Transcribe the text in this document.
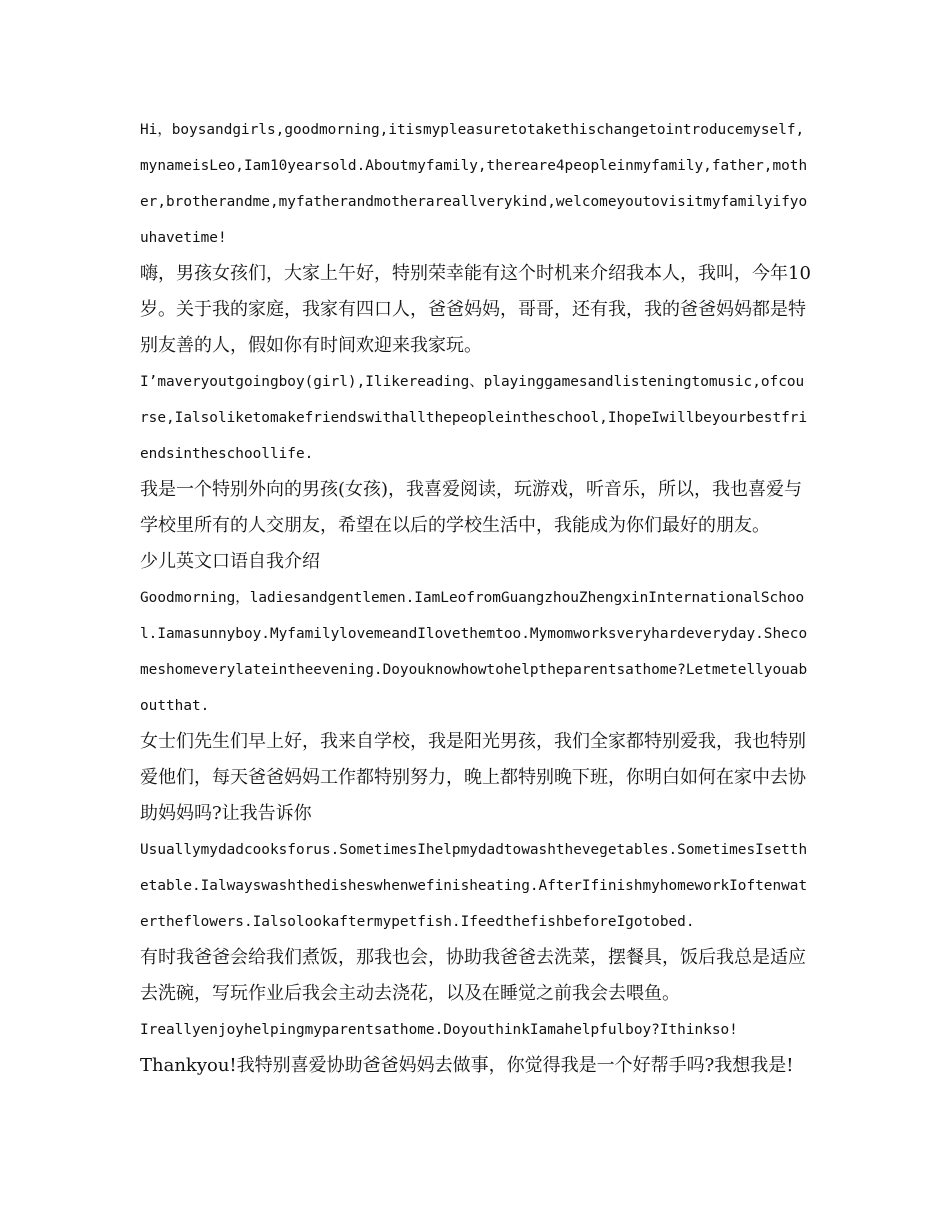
Hi，boysandgirls,goodmorning,itismypleasuretotakethischangetointroducemyself,mynameisLeo,Iam10yearsold.Aboutmyfamily,thereare4peopleinmyfamily,father,mother,brotherandme,myfatherandmotherareallverykind,welcomeyoutovisitmyfamilyifyouhavetime!

嗨，男孩女孩们，大家上午好，特别荣幸能有这个时机来介绍我本人，我叫，今年10岁。关于我的家庭，我家有四口人，爸爸妈妈，哥哥，还有我，我的爸爸妈妈都是特别友善的人，假如你有时间欢迎来我家玩。

I’maveryoutgoingboy(girl),Ilikereading、playinggamesandlisteningtomusic,ofcourse,Ialsoliketomakefriendswithallthepeopleintheschool,IhopeIwillbeyourbestfriendsintheschoollife.

我是一个特别外向的男孩(女孩)，我喜爱阅读，玩游戏，听音乐，所以，我也喜爱与学校里所有的人交朋友，希望在以后的学校生活中，我能成为你们最好的朋友。

少儿英文口语自我介绍

Goodmorning，ladiesandgentlemen.IamLeofromGuangzhouZhengxinInternationalSchool.Iamasunnyboy.MyfamilylovemeandIlovethemtoo.Mymomworksveryhardeveryday.Shecomeshomeverylateintheevening.Doyouknowhowtohelptheparentsathome?Letmetellyouaboutthat.

女士们先生们早上好，我来自学校，我是阳光男孩，我们全家都特别爱我，我也特别爱他们，每天爸爸妈妈工作都特别努力，晚上都特别晚下班，你明白如何在家中去协助妈妈吗?让我告诉你

Usuallymydadcooksforus.SometimesIhelpmydadtowashthevegetables.SometimesIsetthetable.Ialwayswashthedisheswhenwefinisheating.AfterIfinishmyhomeworkIoftenwatertheflowers.Ialsolookaftermypetfish.IfeedthefishbeforeIgotobed.

有时我爸爸会给我们煮饭，那我也会，协助我爸爸去洗菜，摆餐具，饭后我总是适应去洗碗，写玩作业后我会主动去浇花，以及在睡觉之前我会去喂鱼。

Ireallyenjoyhelpingmyparentsathome.DoyouthinkIamahelpfulboy?Ithinkso!

Thankyou!我特别喜爱协助爸爸妈妈去做事，你觉得我是一个好帮手吗?我想我是!
